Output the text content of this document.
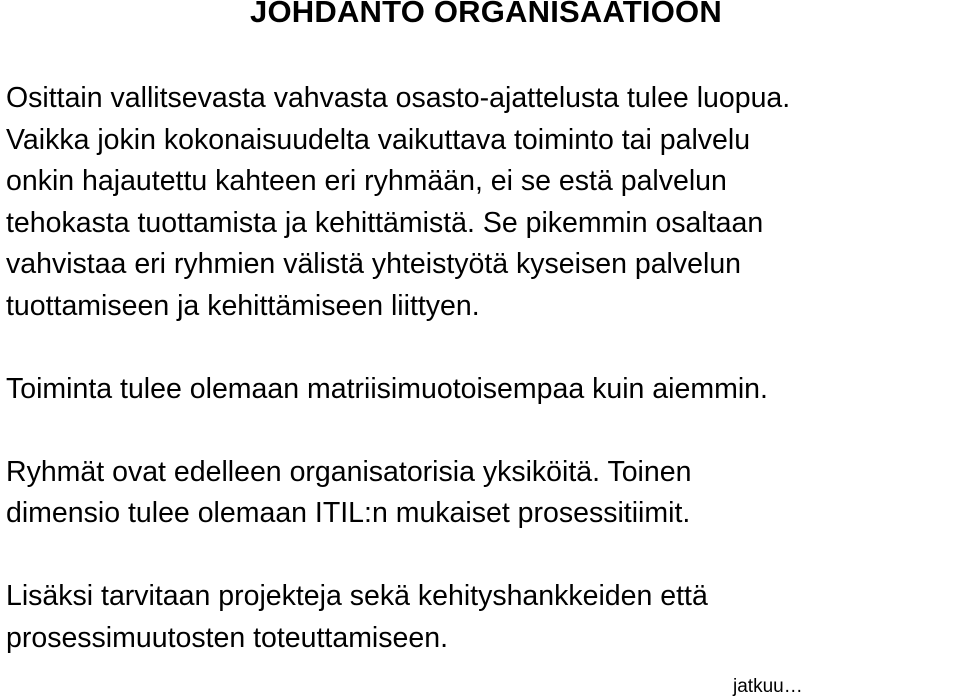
JOHDANTO ORGANISAATIOON

Osittain vallitsevasta vahvasta osasto-ajattelusta tulee luopua.
Vaikka jokin kokonaisuudelta vaikuttava toiminto tai palvelu
onkin hajautettu kahteen eri ryhmään, ei se estä palvelun
tehokasta tuottamista ja kehittämistä. Se pikemmin osaltaan
vahvistaa eri ryhmien välistä yhteistyötä kyseisen palvelun
tuottamiseen ja kehittämiseen liittyen.

Toiminta tulee olemaan matriisimuotoisempaa kuin aiemmin.

Ryhmät ovat edelleen organisatorisia yksiköitä. Toinen
dimensio tulee olemaan ITIL:n mukaiset prosessitiimit.

Lisäksi tarvitaan projekteja sekä kehityshankkeiden että
prosessimuutosten toteuttamiseen.

jatkuu…
